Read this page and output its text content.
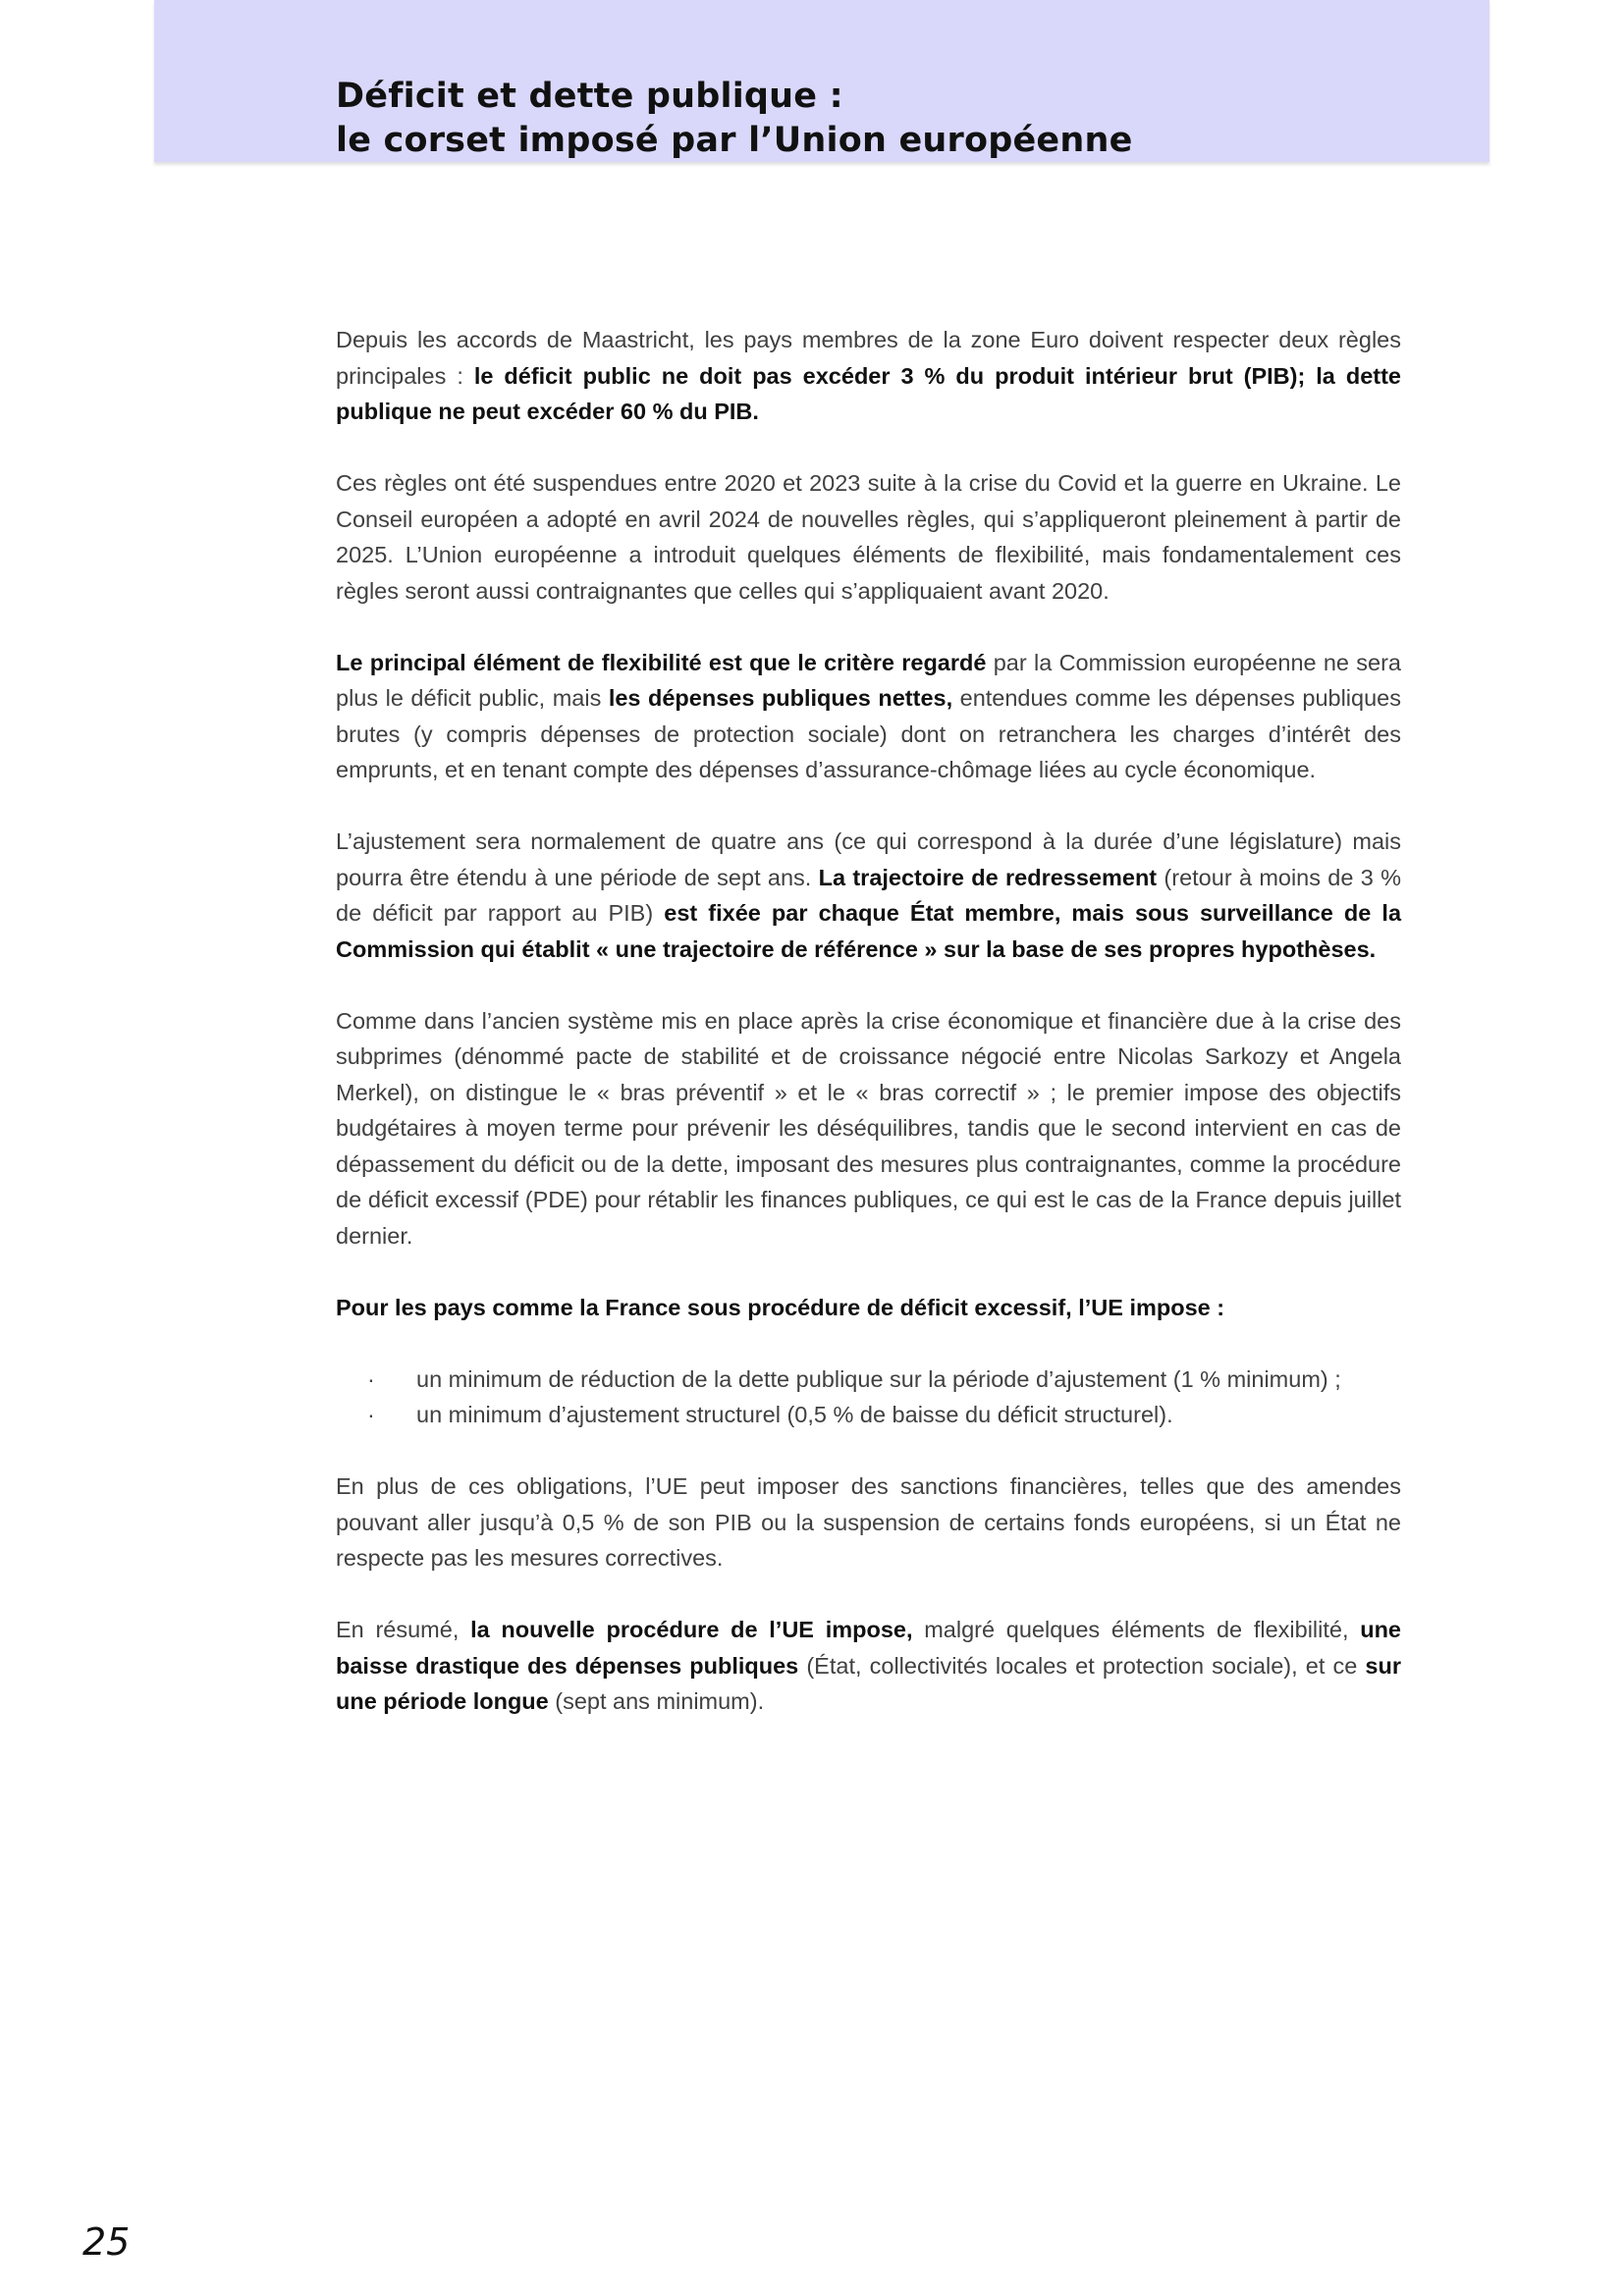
Déficit et dette publique :
le corset imposé par l’Union européenne

Depuis les accords de Maastricht, les pays membres de la zone Euro doivent respecter deux règles principales : le déficit public ne doit pas excéder 3 % du produit intérieur brut (PIB); la dette publique ne peut excéder 60 % du PIB.

Ces règles ont été suspendues entre 2020 et 2023 suite à la crise du Covid et la guerre en Ukraine. Le Conseil européen a adopté en avril 2024 de nouvelles règles, qui s’appliqueront pleinement à partir de 2025. L’Union européenne a introduit quelques éléments de flexibilité, mais fondamentalement ces règles seront aussi contraignantes que celles qui s’appliquaient avant 2020.

Le principal élément de flexibilité est que le critère regardé par la Commission européenne ne sera plus le déficit public, mais les dépenses publiques nettes, entendues comme les dépenses publiques brutes (y compris dépenses de protection sociale) dont on retranchera les charges d’intérêt des emprunts, et en tenant compte des dépenses d’assurance-chômage liées au cycle économique.

L’ajustement sera normalement de quatre ans (ce qui correspond à la durée d’une législature) mais pourra être étendu à une période de sept ans. La trajectoire de redressement (retour à moins de 3 % de déficit par rapport au PIB) est fixée par chaque État membre, mais sous surveillance de la Commission qui établit « une trajectoire de référence » sur la base de ses propres hypothèses.

Comme dans l’ancien système mis en place après la crise économique et financière due à la crise des subprimes (dénommé pacte de stabilité et de croissance négocié entre Nicolas Sarkozy et Angela Merkel), on distingue le « bras préventif » et le « bras correctif » ; le premier impose des objectifs budgétaires à moyen terme pour prévenir les déséquilibres, tandis que le second intervient en cas de dépassement du déficit ou de la dette, imposant des mesures plus contraignantes, comme la procédure de déficit excessif (PDE) pour rétablir les finances publiques, ce qui est le cas de la France depuis juillet dernier.

Pour les pays comme la France sous procédure de déficit excessif, l’UE impose :

· un minimum de réduction de la dette publique sur la période d’ajustement (1 % minimum) ;
· un minimum d’ajustement structurel (0,5 % de baisse du déficit structurel).

En plus de ces obligations, l’UE peut imposer des sanctions financières, telles que des amendes pouvant aller jusqu’à 0,5 % de son PIB ou la suspension de certains fonds européens, si un État ne respecte pas les mesures correctives.

En résumé, la nouvelle procédure de l’UE impose, malgré quelques éléments de flexibilité, une baisse drastique des dépenses publiques (État, collectivités locales et protection sociale), et ce sur une période longue (sept ans minimum).

25
